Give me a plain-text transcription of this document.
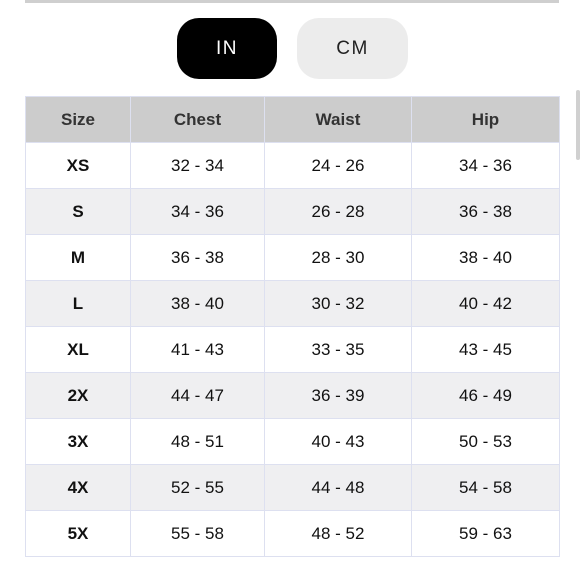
IN	CM
Size	Chest	Waist	Hip
XS	32 - 34	24 - 26	34 - 36
S	34 - 36	26 - 28	36 - 38
M	36 - 38	28 - 30	38 - 40
L	38 - 40	30 - 32	40 - 42
XL	41 - 43	33 - 35	43 - 45
2X	44 - 47	36 - 39	46 - 49
3X	48 - 51	40 - 43	50 - 53
4X	52 - 55	44 - 48	54 - 58
5X	55 - 58	48 - 52	59 - 63
